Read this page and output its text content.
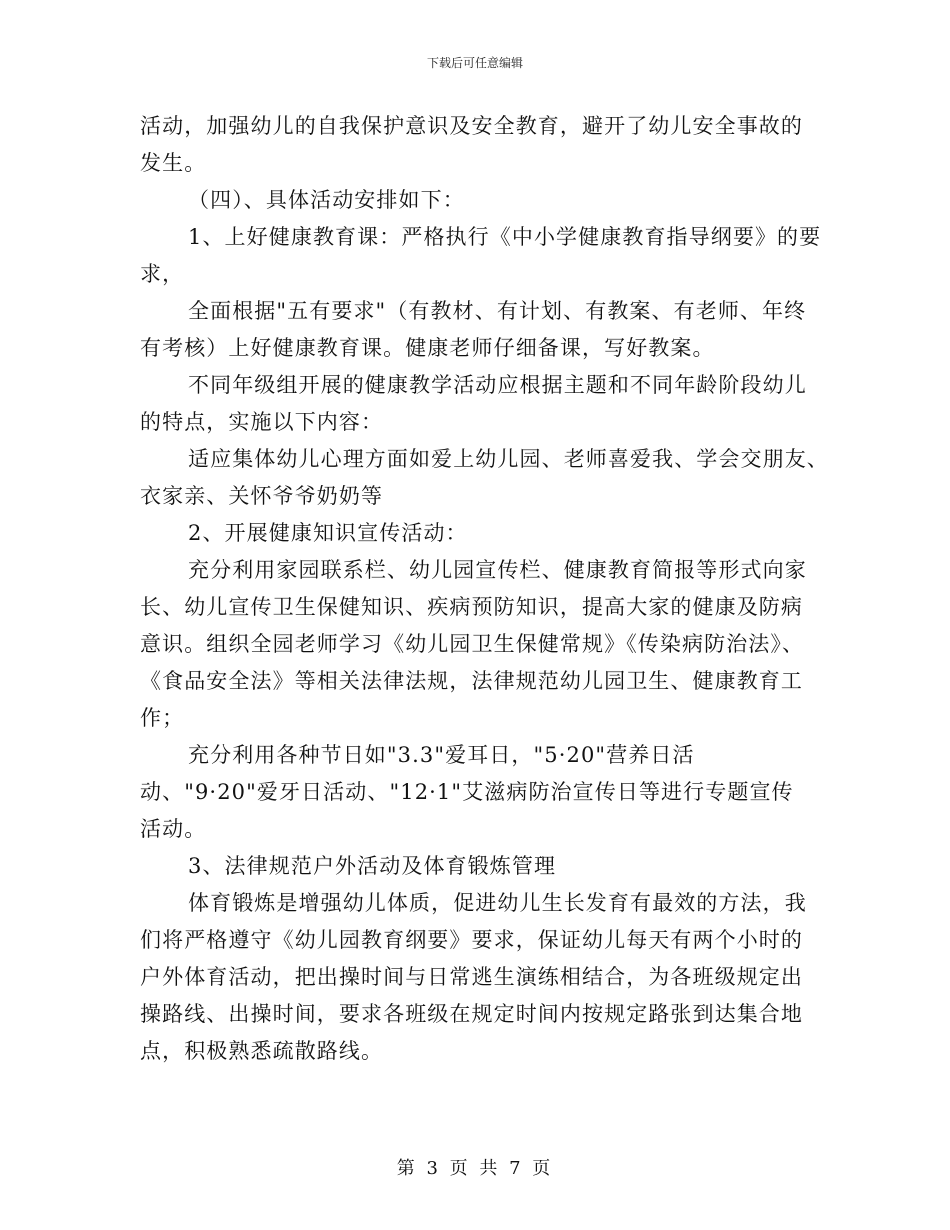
下载后可任意编辑
活动，加强幼儿的自我保护意识及安全教育，避开了幼儿安全事故的
发生。
（四）、具体活动安排如下：
1、上好健康教育课：严格执行《中小学健康教育指导纲要》的要
求，
全面根据"五有要求"（有教材、有计划、有教案、有老师、年终
有考核）上好健康教育课。健康老师仔细备课，写好教案。
不同年级组开展的健康教学活动应根据主题和不同年龄阶段幼儿
的特点，实施以下内容：
适应集体幼儿心理方面如爱上幼儿园、老师喜爱我、学会交朋友、
衣家亲、关怀爷爷奶奶等
2、开展健康知识宣传活动：
充分利用家园联系栏、幼儿园宣传栏、健康教育简报等形式向家
长、幼儿宣传卫生保健知识、疾病预防知识，提高大家的健康及防病
意识。组织全园老师学习《幼儿园卫生保健常规》《传染病防治法》、
《食品安全法》等相关法律法规，法律规范幼儿园卫生、健康教育工
作；
充分利用各种节日如"3.3"爱耳日，"5·20"营养日活
动、"9·20"爱牙日活动、"12·1"艾滋病防治宣传日等进行专题宣传
活动。
3、法律规范户外活动及体育锻炼管理
体育锻炼是增强幼儿体质，促进幼儿生长发育有最效的方法，我
们将严格遵守《幼儿园教育纲要》要求，保证幼儿每天有两个小时的
户外体育活动，把出操时间与日常逃生演练相结合，为各班级规定出
操路线、出操时间，要求各班级在规定时间内按规定路张到达集合地
点，积极熟悉疏散路线。
第 3 页 共 7 页
